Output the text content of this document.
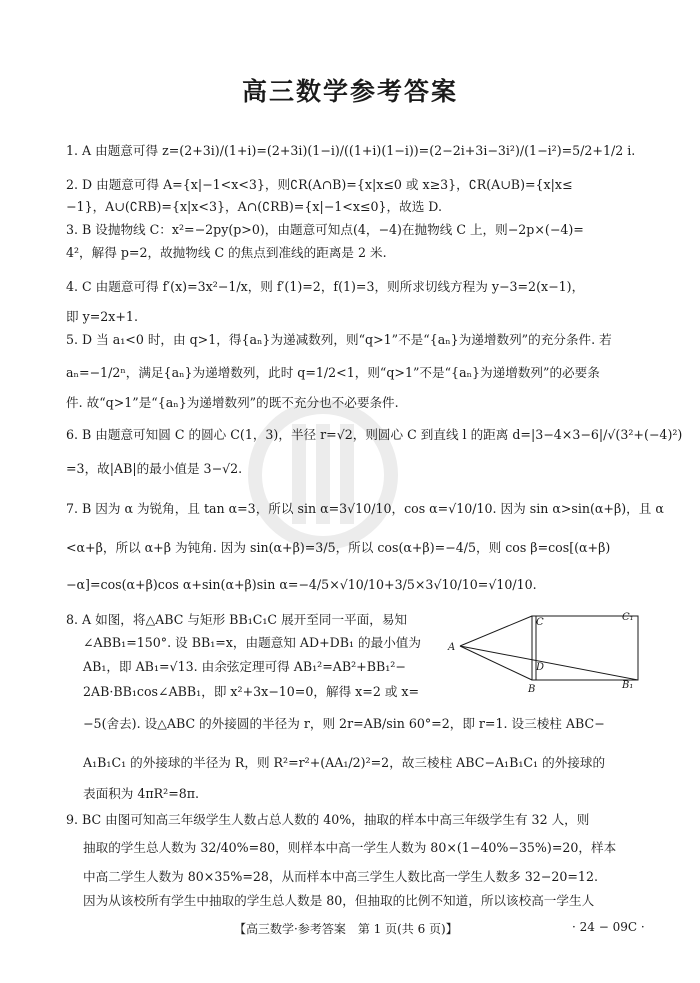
高三数学参考答案
1. A 由题意可得 z=(2+3i)/(1+i)=(2+3i)(1−i)/((1+i)(1−i))=(2−2i+3i−3i²)/(1−i²)=5/2+1/2 i.
2. D 由题意可得 A={x|−1<x<3}，则∁R(A∩B)={x|x≤0 或 x≥3}，∁R(A∪B)={x|x≤
−1}，A∪(∁RB)={x|x<3}，A∩(∁RB)={x|−1<x≤0}，故选 D.
3. B 设抛物线 C：x²=−2py(p>0)，由题意可知点(4，−4)在抛物线 C 上，则−2p×(−4)=
4²，解得 p=2，故抛物线 C 的焦点到准线的距离是 2 米.
4. C 由题意可得 f′(x)=3x²−1/x，则 f′(1)=2，f(1)=3，则所求切线方程为 y−3=2(x−1)，
即 y=2x+1.
5. D 当 a₁<0 时，由 q>1，得{aₙ}为递减数列，则“q>1”不是“{aₙ}为递增数列”的充分条件. 若
aₙ=−1/2ⁿ，满足{aₙ}为递增数列，此时 q=1/2<1，则“q>1”不是“{aₙ}为递增数列”的必要条
件. 故“q>1”是“{aₙ}为递增数列”的既不充分也不必要条件.
6. B 由题意可知圆 C 的圆心 C(1，3)，半径 r=√2，则圆心 C 到直线 l 的距离 d=|3−4×3−6|/√(3²+(−4)²)
=3，故|AB|的最小值是 3−√2.
7. B 因为 α 为锐角，且 tan α=3，所以 sin α=3√10/10，cos α=√10/10. 因为 sin α>sin(α+β)，且 α
<α+β，所以 α+β 为钝角. 因为 sin(α+β)=3/5，所以 cos(α+β)=−4/5，则 cos β=cos[(α+β)
−α]=cos(α+β)cos α+sin(α+β)sin α=−4/5×√10/10+3/5×3√10/10=√10/10.
8. A 如图，将△ABC 与矩形 BB₁C₁C 展开至同一平面，易知
∠ABB₁=150°. 设 BB₁=x，由题意知 AD+DB₁ 的最小值为
AB₁，即 AB₁=√13. 由余弦定理可得 AB₁²=AB²+BB₁²−
2AB·BB₁cos∠ABB₁，即 x²+3x−10=0，解得 x=2 或 x=
−5(舍去). 设△ABC 的外接圆的半径为 r，则 2r=AB/sin 60°=2，即 r=1. 设三棱柱 ABC−
A₁B₁C₁ 的外接球的半径为 R，则 R²=r²+(AA₁/2)²=2，故三棱柱 ABC−A₁B₁C₁ 的外接球的
表面积为 4πR²=8π.
9. BC 由图可知高三年级学生人数占总人数的 40%，抽取的样本中高三年级学生有 32 人，则
抽取的学生总人数为 32/40%=80，则样本中高一学生人数为 80×(1−40%−35%)=20，样本
中高二学生人数为 80×35%=28，从而样本中高三学生人数比高一学生人数多 32−20=12.
因为从该校所有学生中抽取的学生总人数是 80，但抽取的比例不知道，所以该校高一学生人
C	C₁
A
D
B	B₁
【高三数学·参考答案　第 1 页(共 6 页)】	· 24 − 09C ·
